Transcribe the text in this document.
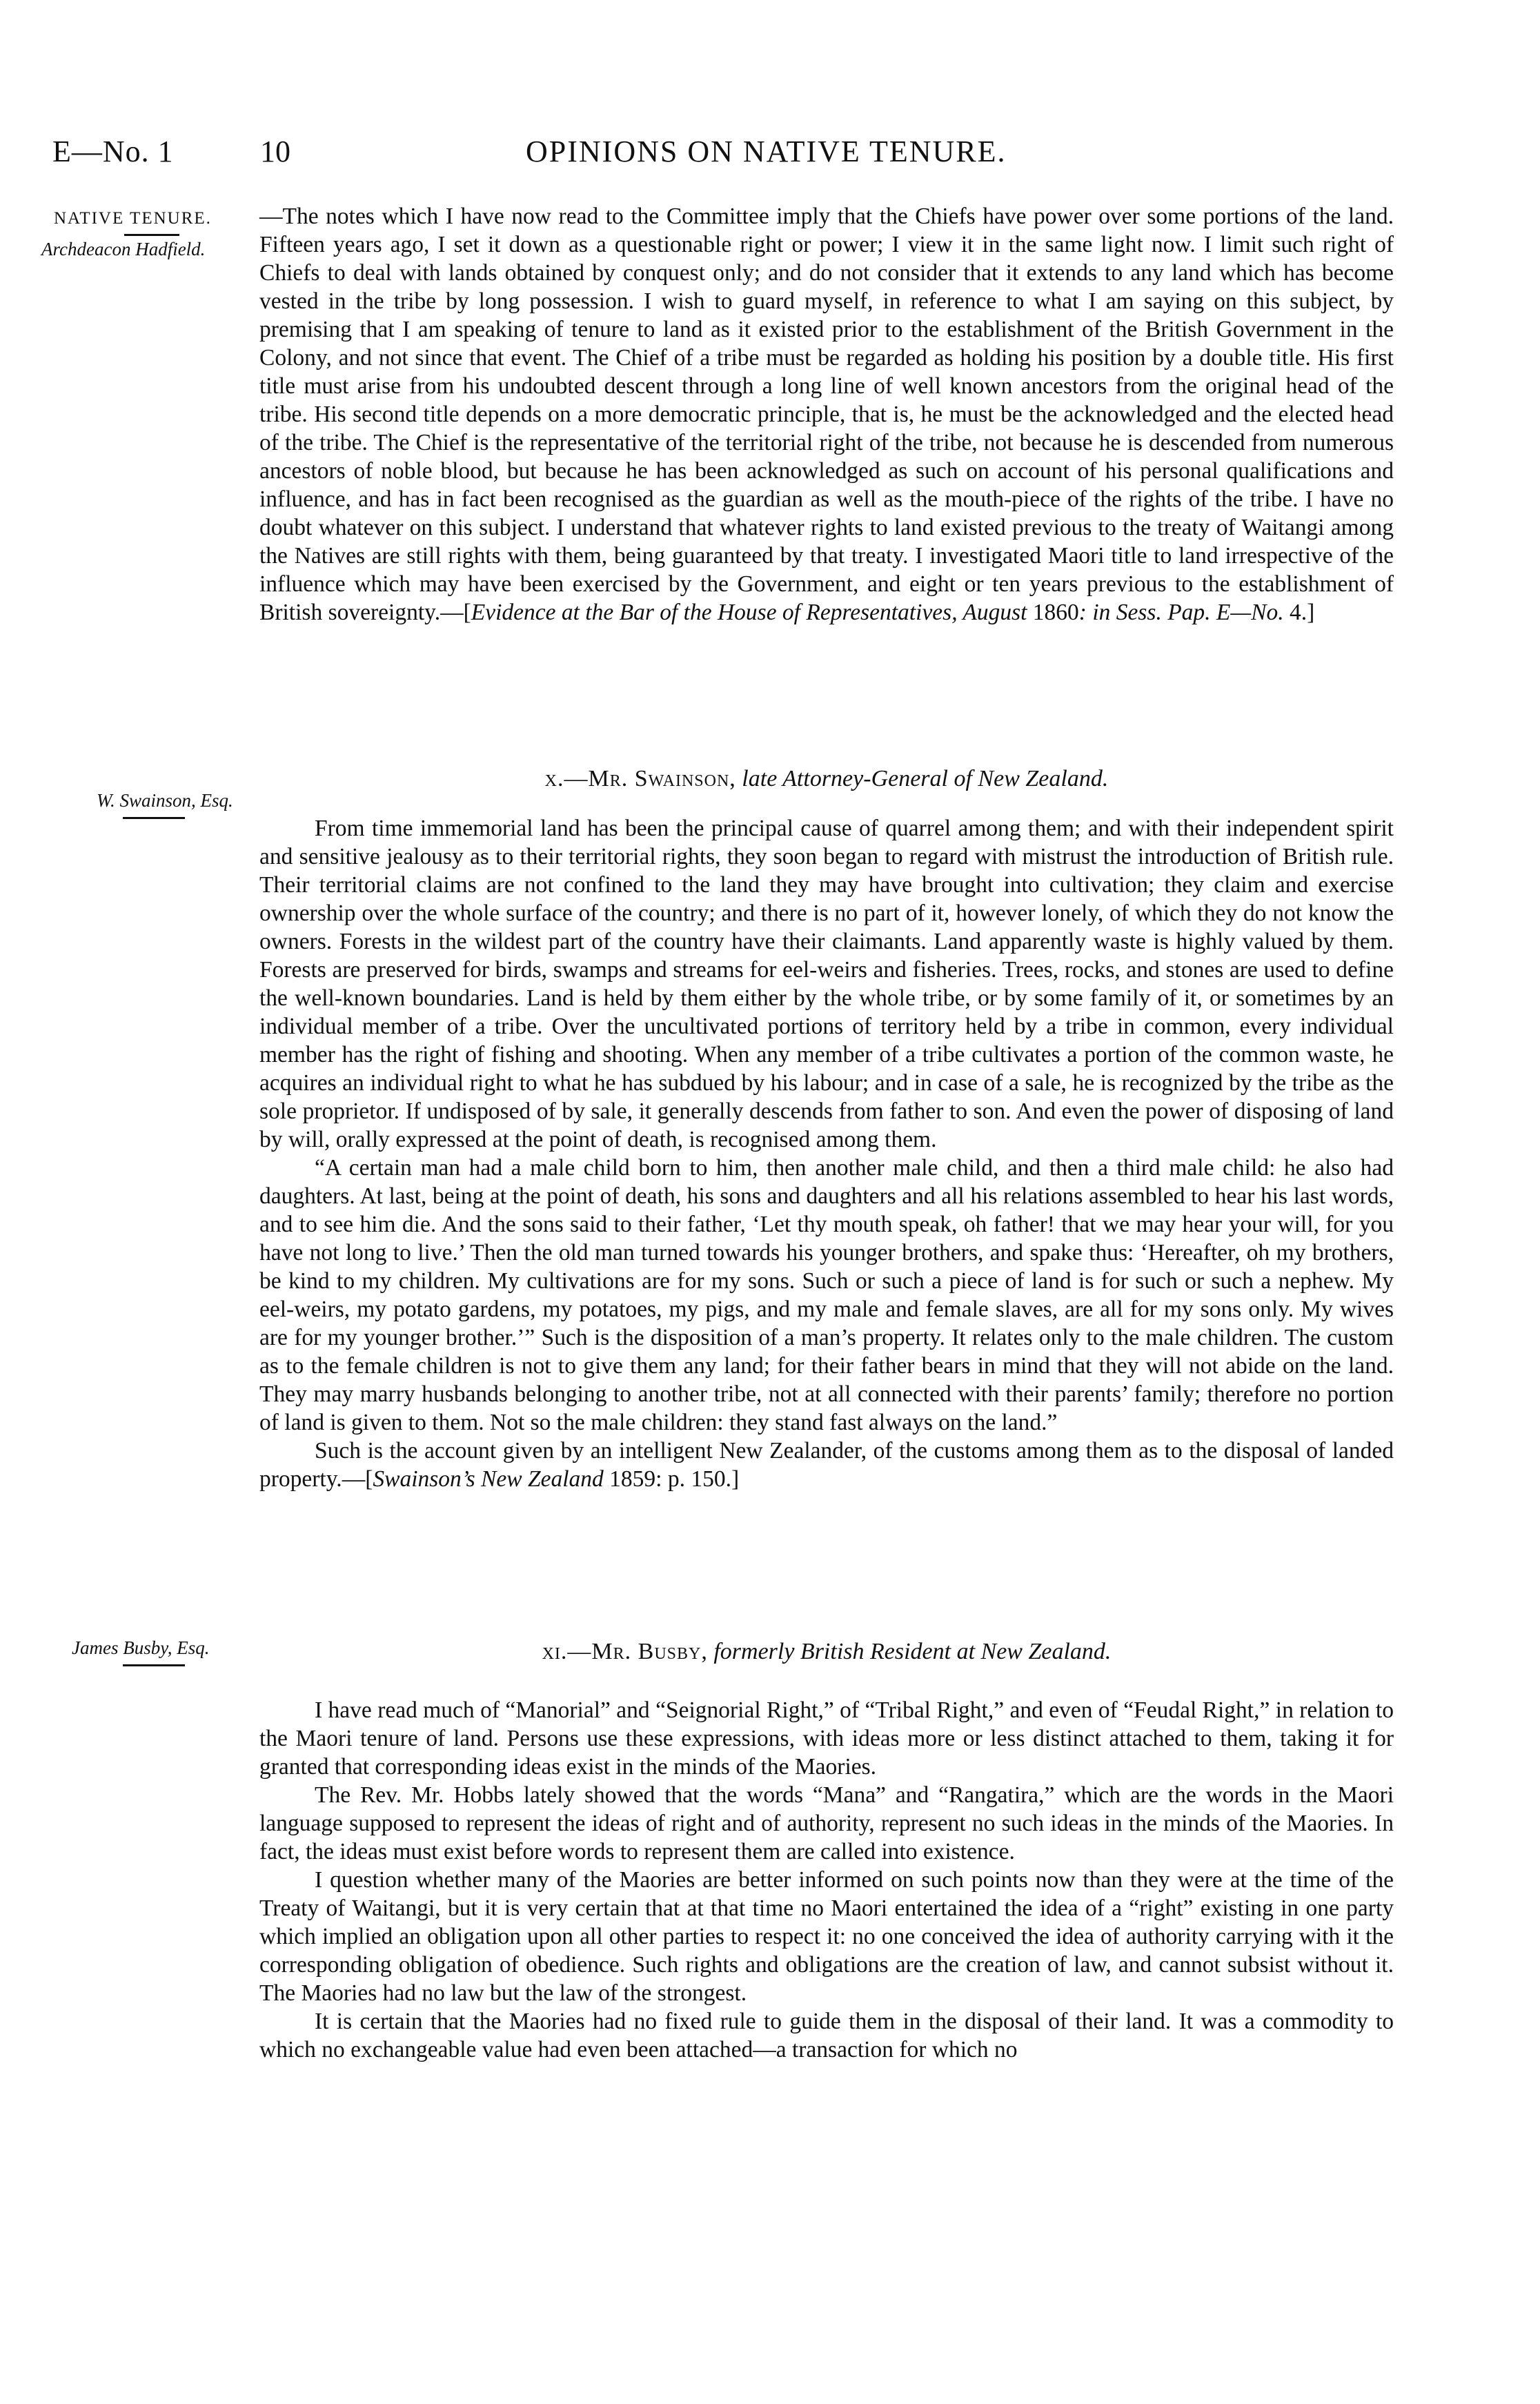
E—No. 1	10	OPINIONS ON NATIVE TENURE.
NATIVE TENURE.
Archdeacon Hadfield.
W. Swainson, Esq.
James Busby, Esq.

—The notes which I have now read to the Committee imply that the Chiefs have power over some portions of the land. Fifteen years ago, I set it down as a questionable right or power; I view it in the same light now. I limit such right of Chiefs to deal with lands obtained by conquest only; and do not consider that it extends to any land which has become vested in the tribe by long possession. I wish to guard myself, in reference to what I am saying on this subject, by premising that I am speaking of tenure to land as it existed prior to the establishment of the British Government in the Colony, and not since that event. The Chief of a tribe must be regarded as holding his position by a double title. His first title must arise from his undoubted descent through a long line of well known ancestors from the original head of the tribe. His second title depends on a more democratic principle, that is, he must be the acknowledged and the elected head of the tribe. The Chief is the representative of the territorial right of the tribe, not because he is descended from numerous ancestors of noble blood, but because he has been acknowledged as such on account of his personal qualifications and influence, and has in fact been recognised as the guardian as well as the mouth-piece of the rights of the tribe. I have no doubt whatever on this subject. I understand that whatever rights to land existed previous to the treaty of Waitangi among the Natives are still rights with them, being guaranteed by that treaty. I investigated Maori title to land irrespective of the influence which may have been exercised by the Government, and eight or ten years previous to the establishment of British sovereignty.—[Evidence at the Bar of the House of Representatives, August 1860: in Sess. Pap. E—No. 4.]

x.—Mr. Swainson, late Attorney-General of New Zealand.

From time immemorial land has been the principal cause of quarrel among them; and with their independent spirit and sensitive jealousy as to their territorial rights, they soon began to regard with mistrust the introduction of British rule. Their territorial claims are not confined to the land they may have brought into cultivation; they claim and exercise ownership over the whole surface of the country; and there is no part of it, however lonely, of which they do not know the owners. Forests in the wildest part of the country have their claimants. Land apparently waste is highly valued by them. Forests are preserved for birds, swamps and streams for eel-weirs and fisheries. Trees, rocks, and stones are used to define the well-known boundaries. Land is held by them either by the whole tribe, or by some family of it, or sometimes by an individual member of a tribe. Over the uncultivated portions of territory held by a tribe in common, every individual member has the right of fishing and shooting. When any member of a tribe cultivates a portion of the common waste, he acquires an individual right to what he has subdued by his labour; and in case of a sale, he is recognized by the tribe as the sole proprietor. If undisposed of by sale, it generally descends from father to son. And even the power of disposing of land by will, orally expressed at the point of death, is recognised among them.

“A certain man had a male child born to him, then another male child, and then a third male child: he also had daughters. At last, being at the point of death, his sons and daughters and all his relations assembled to hear his last words, and to see him die. And the sons said to their father, ‘Let thy mouth speak, oh father! that we may hear your will, for you have not long to live.’ Then the old man turned towards his younger brothers, and spake thus: ‘Hereafter, oh my brothers, be kind to my children. My cultivations are for my sons. Such or such a piece of land is for such or such a nephew. My eel-weirs, my potato gardens, my potatoes, my pigs, and my male and female slaves, are all for my sons only. My wives are for my younger brother.’” Such is the disposition of a man’s property. It relates only to the male children. The custom as to the female children is not to give them any land; for their father bears in mind that they will not abide on the land. They may marry husbands belonging to another tribe, not at all connected with their parents’ family; therefore no portion of land is given to them. Not so the male children: they stand fast always on the land.”

Such is the account given by an intelligent New Zealander, of the customs among them as to the disposal of landed property.—[Swainson’s New Zealand 1859: p. 150.]

xi.—Mr. Busby, formerly British Resident at New Zealand.

I have read much of “Manorial” and “Seignorial Right,” of “Tribal Right,” and even of “Feudal Right,” in relation to the Maori tenure of land. Persons use these expressions, with ideas more or less distinct attached to them, taking it for granted that corresponding ideas exist in the minds of the Maories.

The Rev. Mr. Hobbs lately showed that the words “Mana” and “Rangatira,” which are the words in the Maori language supposed to represent the ideas of right and of authority, represent no such ideas in the minds of the Maories. In fact, the ideas must exist before words to represent them are called into existence.

I question whether many of the Maories are better informed on such points now than they were at the time of the Treaty of Waitangi, but it is very certain that at that time no Maori entertained the idea of a “right” existing in one party which implied an obligation upon all other parties to respect it: no one conceived the idea of authority carrying with it the corresponding obligation of obedience. Such rights and obligations are the creation of law, and cannot subsist without it. The Maories had no law but the law of the strongest.

It is certain that the Maories had no fixed rule to guide them in the disposal of their land. It was a commodity to which no exchangeable value had even been attached—a transaction for which no
